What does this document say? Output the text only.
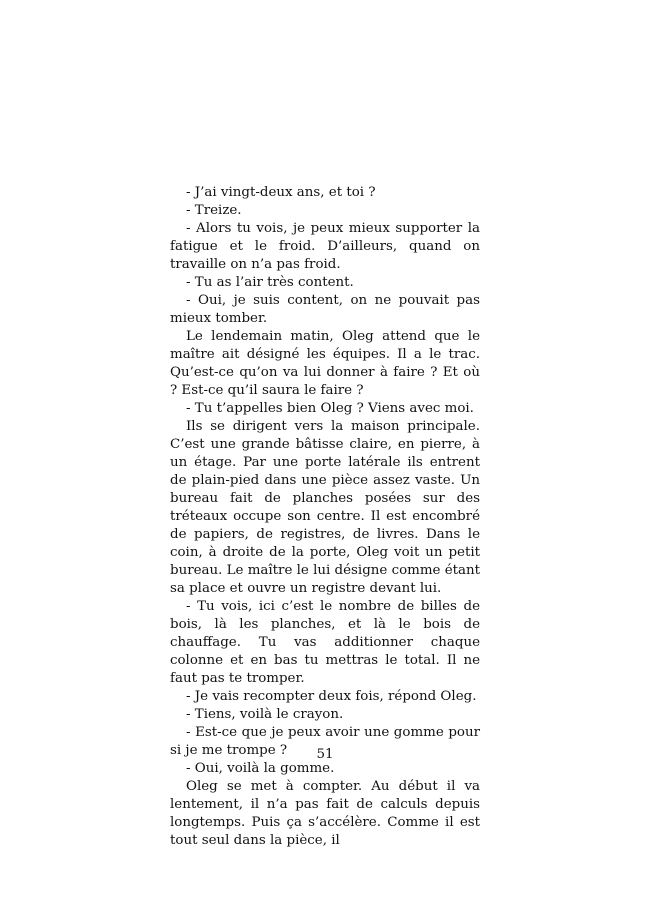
- J’ai vingt-deux ans, et toi ?

- Treize.

- Alors tu vois, je peux mieux supporter la fatigue et le froid. D’ailleurs, quand on travaille on n’a pas froid.

- Tu as l’air très content.

- Oui, je suis content, on ne pouvait pas mieux tomber.

Le lendemain matin, Oleg attend que le maître ait désigné les équipes. Il a le trac. Qu’est-ce qu’on va lui donner à faire ? Et où ? Est-ce qu’il saura le faire ?

- Tu t’appelles bien Oleg ? Viens avec moi.

Ils se dirigent vers la maison principale. C’est une grande bâtisse claire, en pierre, à un étage. Par une porte latérale ils entrent de plain-pied dans une pièce assez vaste. Un bureau fait de planches posées sur des tréteaux occupe son centre. Il est encombré de papiers, de registres, de livres. Dans le coin, à droite de la porte, Oleg voit un petit bureau. Le maître le lui désigne comme étant sa place et ouvre un registre devant lui.

- Tu vois, ici c’est le nombre de billes de bois, là les planches, et là le bois de chauffage. Tu vas additionner chaque colonne et en bas tu mettras le total. Il ne faut pas te tromper.

- Je vais recompter deux fois, répond Oleg.

- Tiens, voilà le crayon.

- Est-ce que je peux avoir une gomme pour si je me trompe ?

- Oui, voilà la gomme.

Oleg se met à compter. Au début il va lentement, il n’a pas fait de calculs depuis longtemps. Puis ça s’accélère. Comme il est tout seul dans la pièce, il

51
